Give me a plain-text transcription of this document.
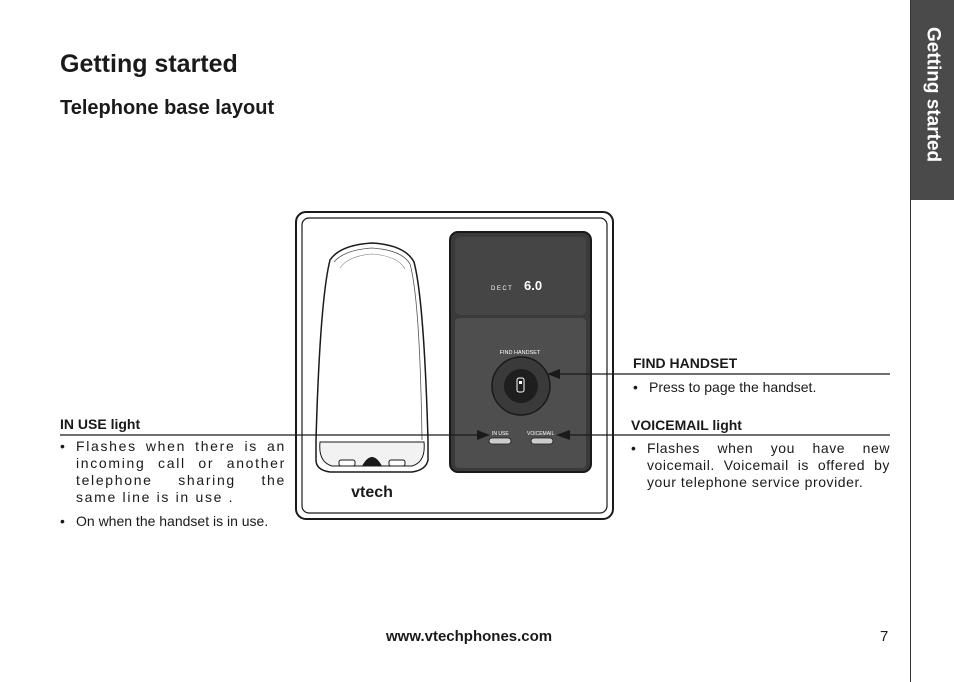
Getting started
Telephone base layout	Getting started
vtech
DECT 6.0
FIND HANDSET
IN USE	VOICEMAIL
IN USE light
• Flashes when there is an incoming call or another telephone sharing the same line is in use .
• On when the handset is in use.
FIND HANDSET
• Press to page the handset.
VOICEMAIL light
• Flashes when you have new voicemail. Voicemail is offered by your telephone service provider.
www.vtechphones.com	7
